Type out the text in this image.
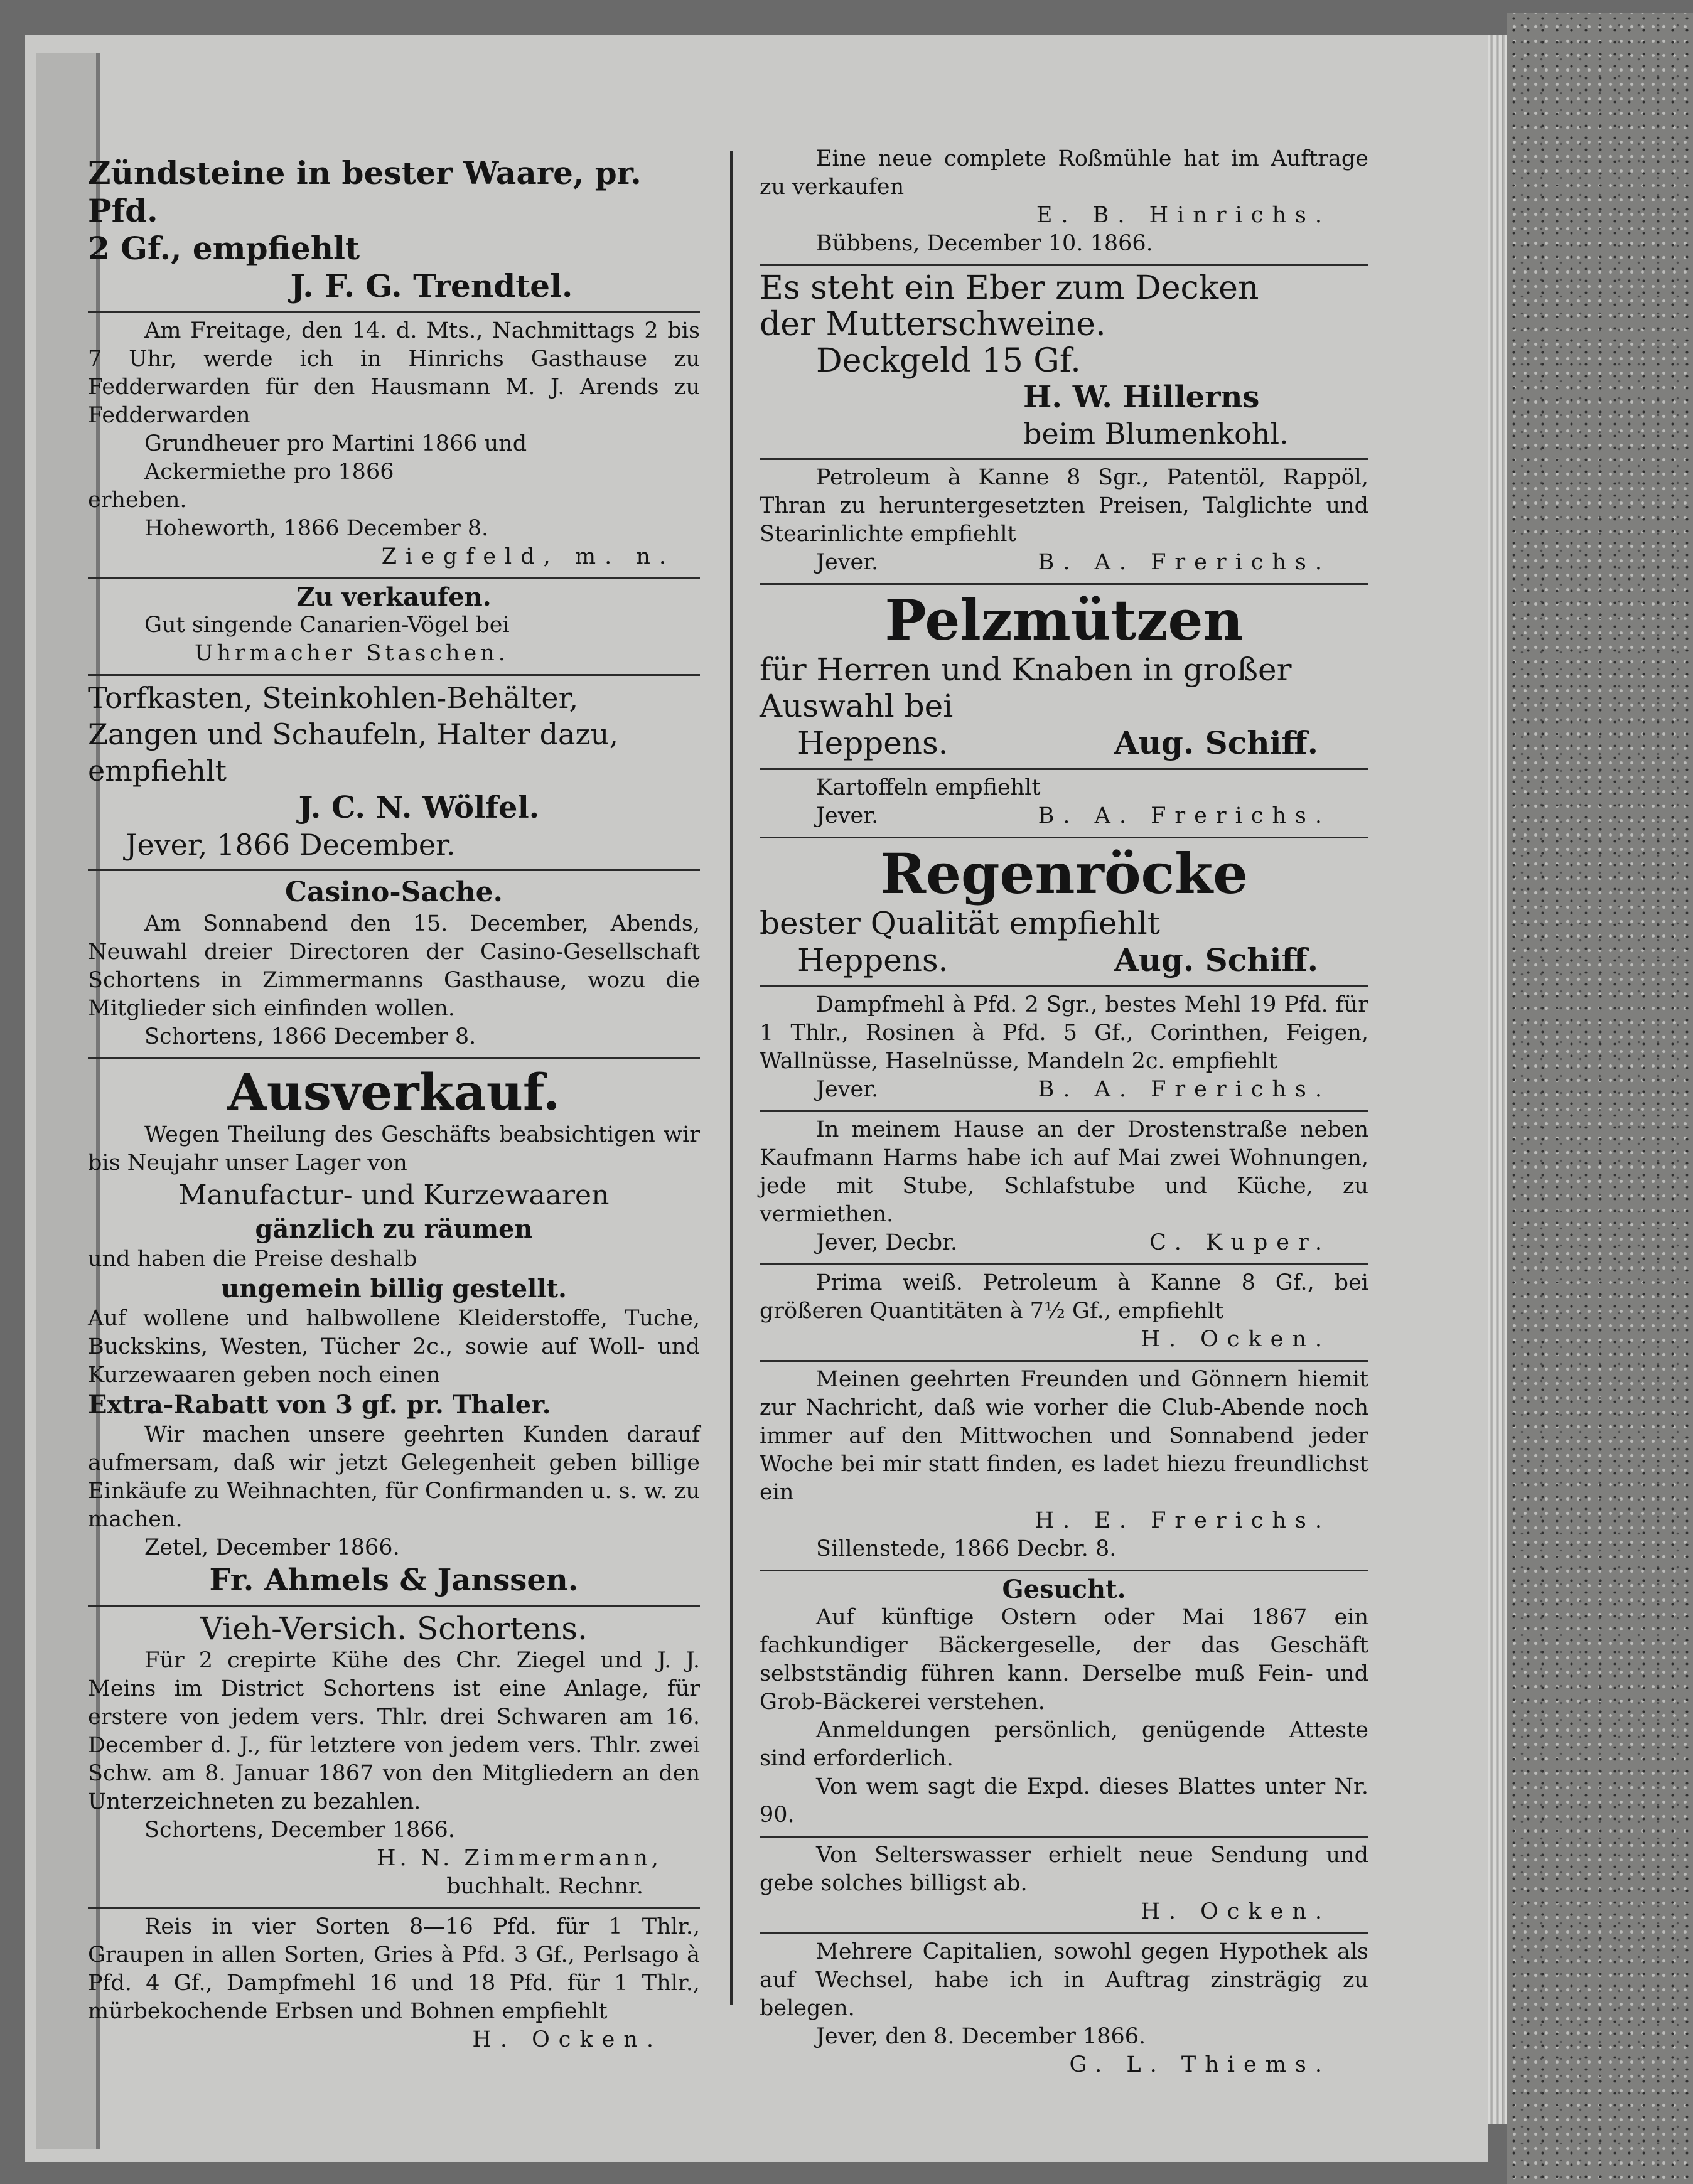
Zündsteine in bester Waare, pr. Pfd.
2 Gf., empfiehlt
J. F. G. Trendtel.

Am Freitage, den 14. d. Mts., Nachmittags 2 bis 7 Uhr, werde ich in Hinrichs Gasthause zu Fedderwarden für den Hausmann M. J. Arends zu Fedderwarden

Grundheuer pro Martini 1866 und
Ackermiethe pro 1866
erheben.
Hoheworth, 1866 December 8.
Ziegfeld, m. n.
Zu verkaufen.
Gut singende Canarien-Vögel bei
Uhrmacher Staschen.
Torfkasten, Steinkohlen-Behälter,
Zangen und Schaufeln, Halter dazu,
empfiehlt
J. C. N. Wölfel.
Jever, 1866 December.
Casino-Sache.

Am Sonnabend den 15. December, Abends, Neuwahl dreier Directoren der Casino-Gesellschaft Schortens in Zimmermanns Gasthause, wozu die Mitglieder sich einfinden wollen.

Schortens, 1866 December 8.
Ausverkauf.

Wegen Theilung des Geschäfts beabsichtigen wir bis Neujahr unser Lager von

Manufactur- und Kurzewaaren
gänzlich zu räumen
und haben die Preise deshalb
ungemein billig gestellt.

Auf wollene und halbwollene Kleiderstoffe, Tuche, Buckskins, Westen, Tücher 2c., sowie auf Woll- und Kurzewaaren geben noch einen

Extra-Rabatt von 3 gf. pr. Thaler.

Wir machen unsere geehrten Kunden darauf aufmersam, daß wir jetzt Gelegenheit geben billige Einkäufe zu Weihnachten, für Confirmanden u. s. w. zu machen.

Zetel, December 1866.
Fr. Ahmels & Janssen.
Vieh-Versich. Schortens.

Für 2 crepirte Kühe des Chr. Ziegel und J. J. Meins im District Schortens ist eine Anlage, für erstere von jedem vers. Thlr. drei Schwaren am 16. December d. J., für letztere von jedem vers. Thlr. zwei Schw. am 8. Januar 1867 von den Mitgliedern an den Unterzeichneten zu bezahlen.

Schortens, December 1866.
H. N. Zimmermann,
buchhalt. Rechnr.

Reis in vier Sorten 8—16 Pfd. für 1 Thlr., Graupen in allen Sorten, Gries à Pfd. 3 Gf., Perlsago à Pfd. 4 Gf., Dampfmehl 16 und 18 Pfd. für 1 Thlr., mürbekochende Erbsen und Bohnen empfiehlt

H. Ocken.

Eine neue complete Roßmühle hat im Auftrage zu verkaufen

E. B. Hinrichs.
Bübbens, December 10. 1866.
Es steht ein Eber zum Decken
der Mutterschweine.
Deckgeld 15 Gf.
H. W. Hillerns
beim Blumenkohl.

Petroleum à Kanne 8 Sgr., Patentöl, Rappöl, Thran zu heruntergesetzten Preisen, Talglichte und Stearinlichte empfiehlt

Jever.	B. A. Frerichs.
Pelzmützen
für Herren und Knaben in großer
Auswahl bei
Heppens.	Aug. Schiff.
Kartoffeln empfiehlt
Jever.	B. A. Frerichs.
Regenröcke
bester Qualität empfiehlt
Heppens.	Aug. Schiff.

Dampfmehl à Pfd. 2 Sgr., bestes Mehl 19 Pfd. für 1 Thlr., Rosinen à Pfd. 5 Gf., Corinthen, Feigen, Wallnüsse, Haselnüsse, Mandeln 2c. empfiehlt

Jever.	B. A. Frerichs.

In meinem Hause an der Drostenstraße neben Kaufmann Harms habe ich auf Mai zwei Wohnungen, jede mit Stube, Schlafstube und Küche, zu vermiethen.

Jever, Decbr.	C. Kuper.

Prima weiß. Petroleum à Kanne 8 Gf., bei größeren Quantitäten à 7½ Gf., empfiehlt

H. Ocken.

Meinen geehrten Freunden und Gönnern hiemit zur Nachricht, daß wie vorher die Club-Abende noch immer auf den Mittwochen und Sonnabend jeder Woche bei mir statt finden, es ladet hiezu freundlichst ein

H. E. Frerichs.
Sillenstede, 1866 Decbr. 8.
Gesucht.

Auf künftige Ostern oder Mai 1867 ein fachkundiger Bäckergeselle, der das Geschäft selbstständig führen kann. Derselbe muß Fein- und Grob-Bäckerei verstehen.

Anmeldungen persönlich, genügende Atteste sind erforderlich.

Von wem sagt die Expd. dieses Blattes unter Nr. 90.

Von Selterswasser erhielt neue Sendung und gebe solches billigst ab.

H. Ocken.

Mehrere Capitalien, sowohl gegen Hypothek als auf Wechsel, habe ich in Auftrag zinsträgig zu belegen.

Jever, den 8. December 1866.
G. L. Thiems.
